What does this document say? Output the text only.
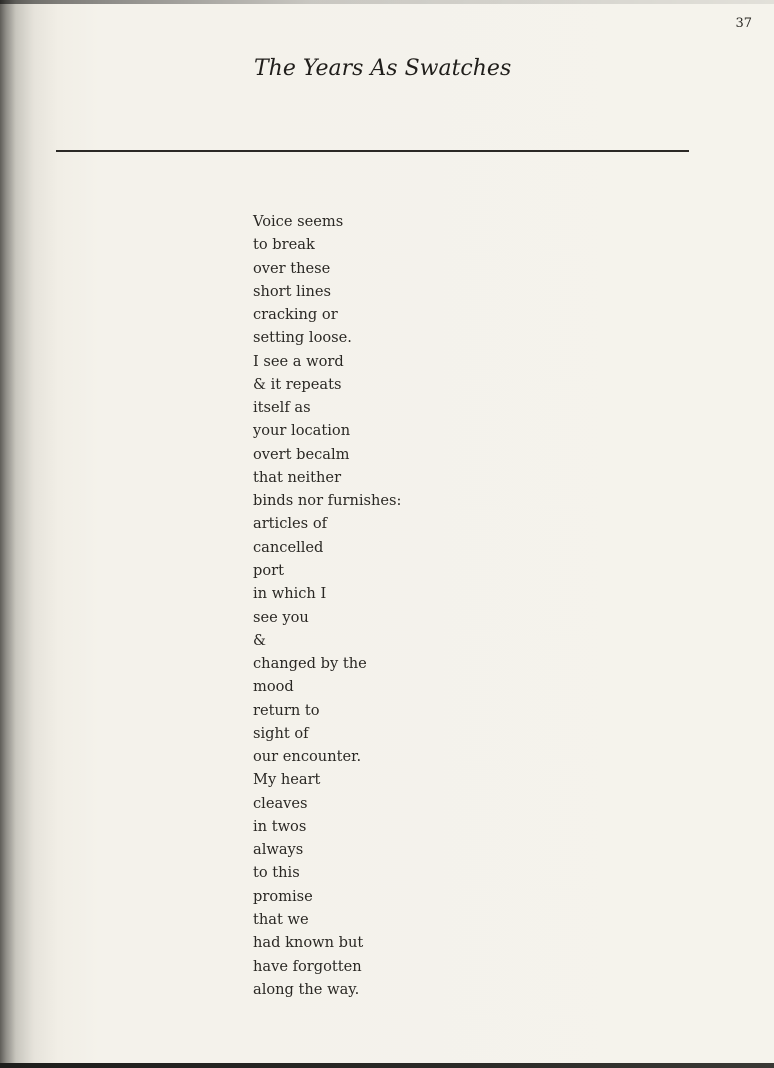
37
The Years As Swatches
Voice seems
to break
over these
short lines
cracking or
setting loose.
I see a word
& it repeats
itself as
your location
overt becalm
that neither
binds nor furnishes:
articles of
cancelled
port
in which I
see you
&
changed by the
mood
return to
sight of
our encounter.
My heart
cleaves
in twos
always
to this
promise
that we
had known but
have forgotten
along the way.
